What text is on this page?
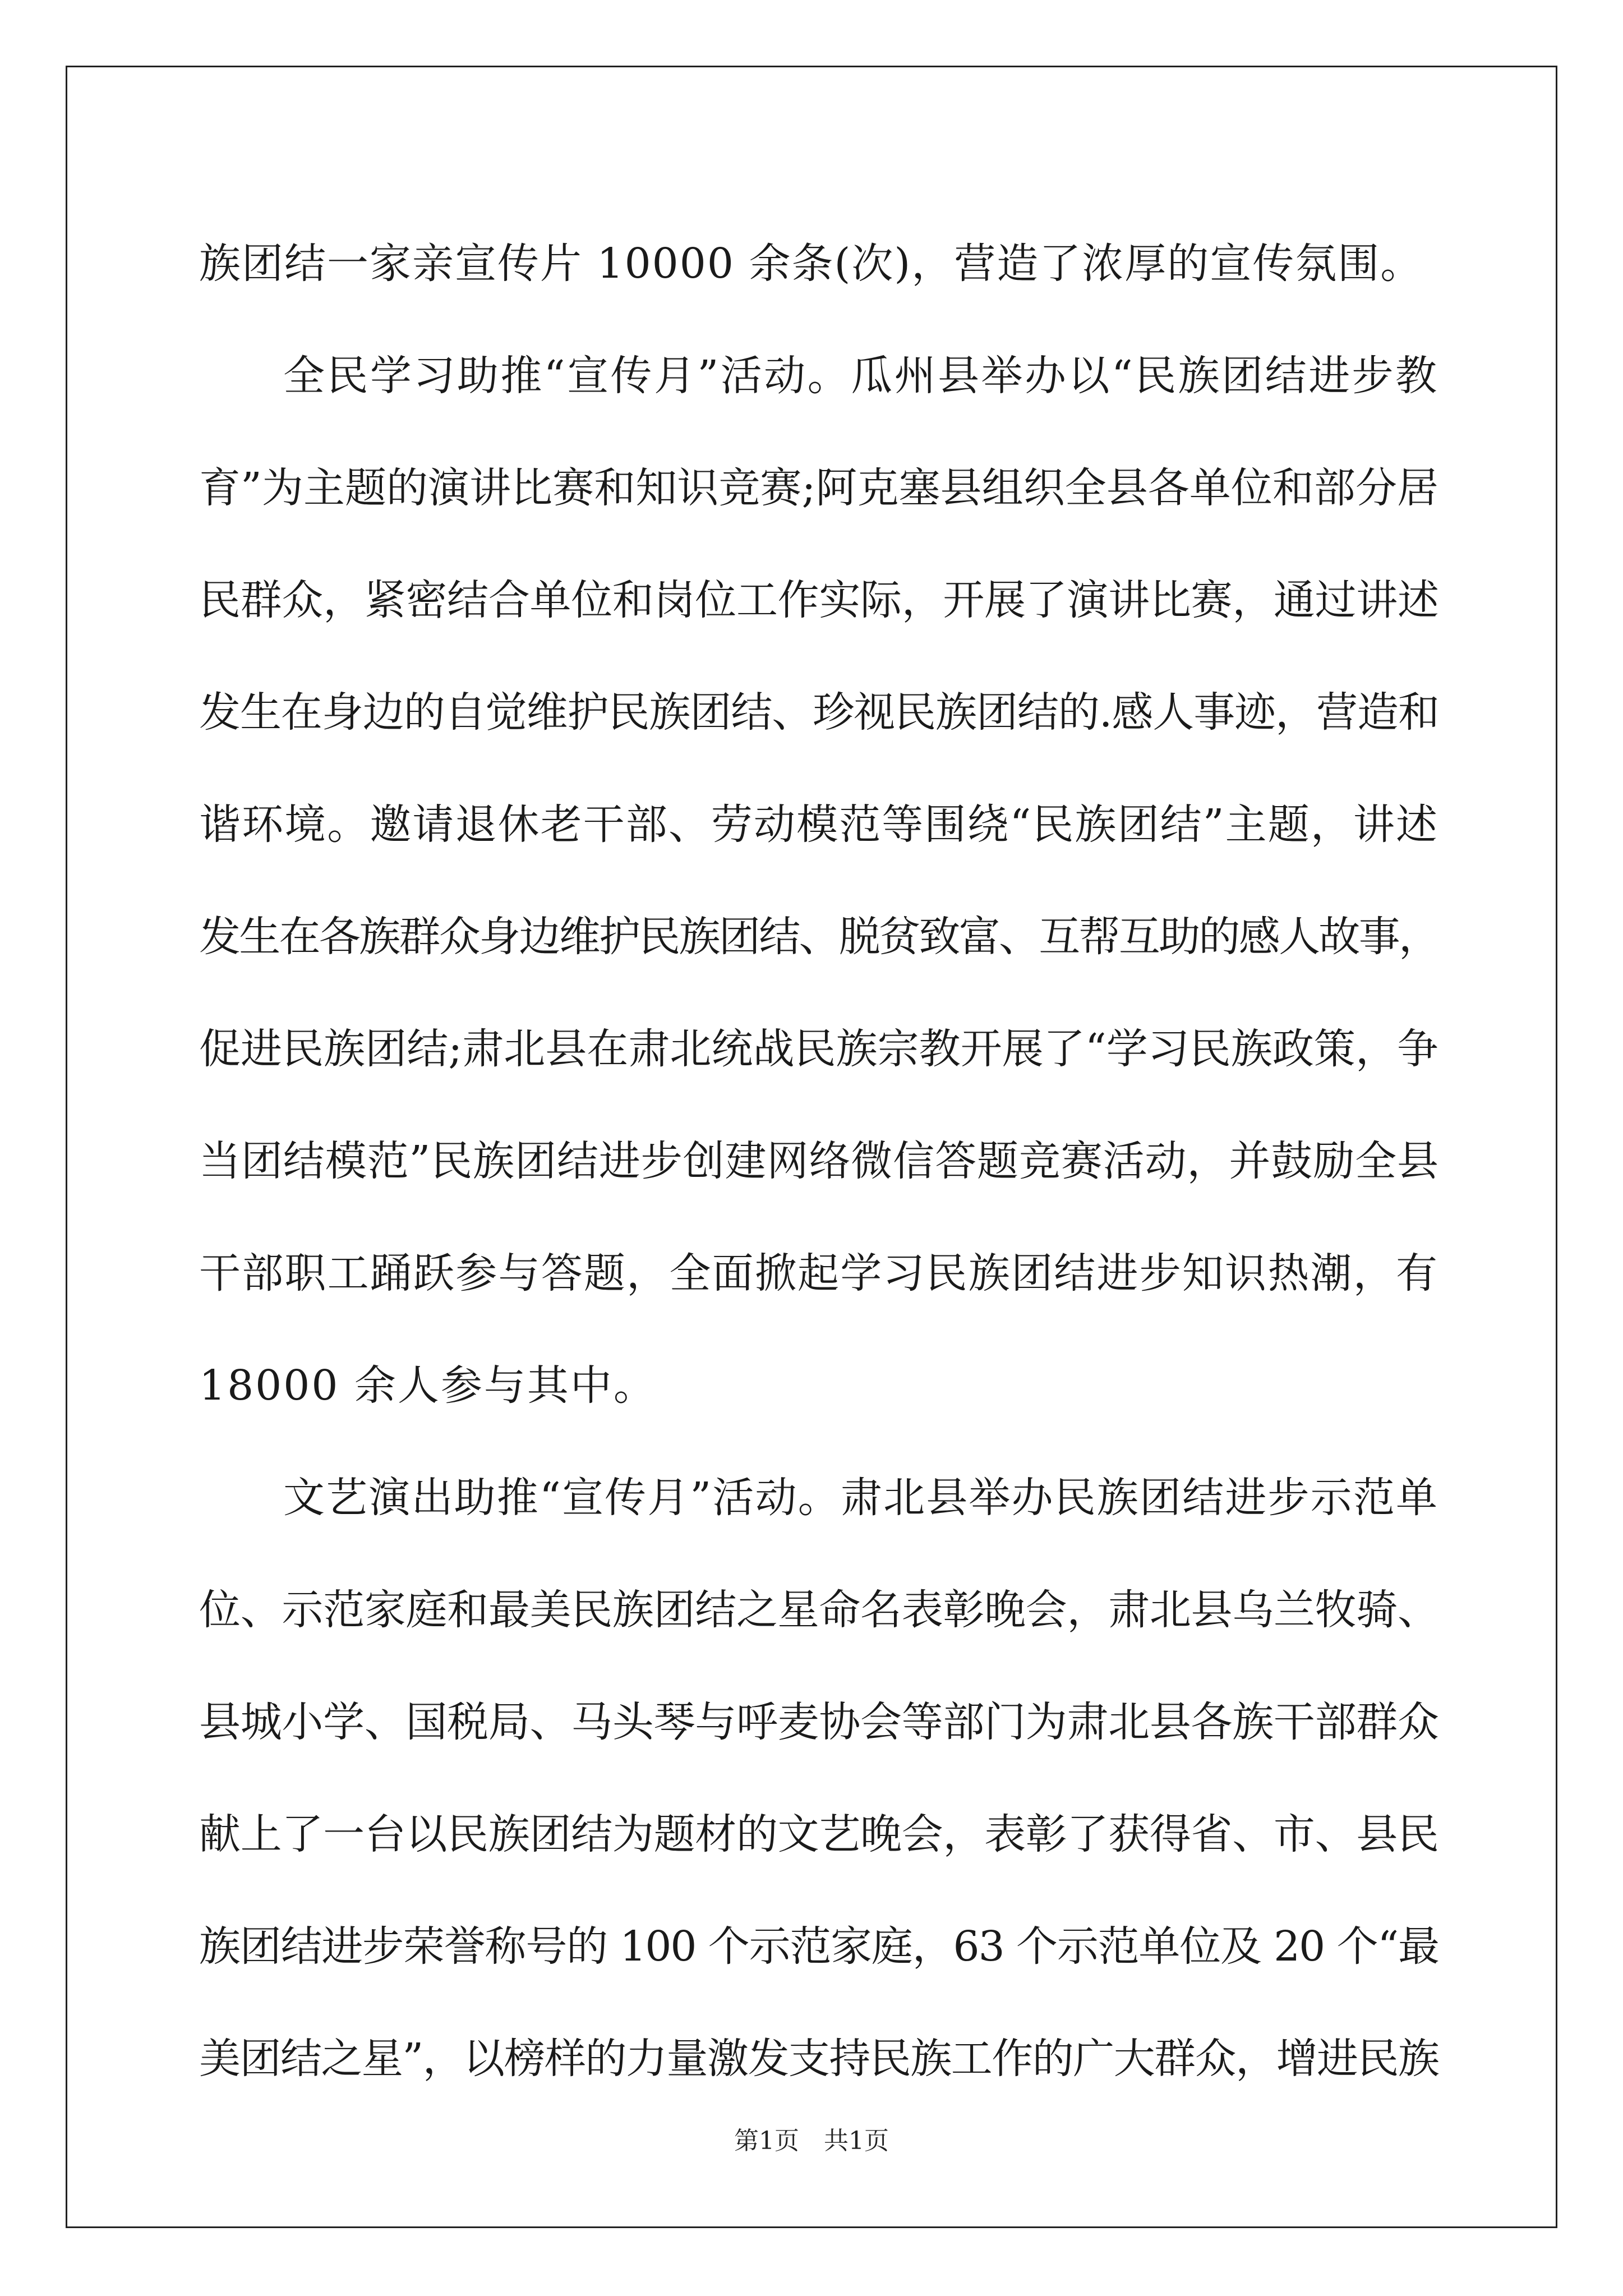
族团结一家亲宣传片 10000 余条(次)，营造了浓厚的宣传氛围。
全民学习助推“宣传月”活动。瓜州县举办以“民族团结进步教
育”为主题的演讲比赛和知识竞赛;阿克塞县组织全县各单位和部分居
民群众，紧密结合单位和岗位工作实际，开展了演讲比赛，通过讲述
发生在身边的自觉维护民族团结、珍视民族团结的.感人事迹，营造和
谐环境。邀请退休老干部、劳动模范等围绕“民族团结”主题，讲述
发生在各族群众身边维护民族团结、脱贫致富、互帮互助的感人故事，
促进民族团结;肃北县在肃北统战民族宗教开展了“学习民族政策，争
当团结模范”民族团结进步创建网络微信答题竞赛活动，并鼓励全县
干部职工踊跃参与答题，全面掀起学习民族团结进步知识热潮，有
18000 余人参与其中。
文艺演出助推“宣传月”活动。肃北县举办民族团结进步示范单
位、示范家庭和最美民族团结之星命名表彰晚会，肃北县乌兰牧骑、
县城小学、国税局、马头琴与呼麦协会等部门为肃北县各族干部群众
献上了一台以民族团结为题材的文艺晚会，表彰了获得省、市、县民
族团结进步荣誉称号的 100 个示范家庭，63 个示范单位及 20 个“最
美团结之星”，以榜样的力量激发支持民族工作的广大群众，增进民族
第1页　共1页
